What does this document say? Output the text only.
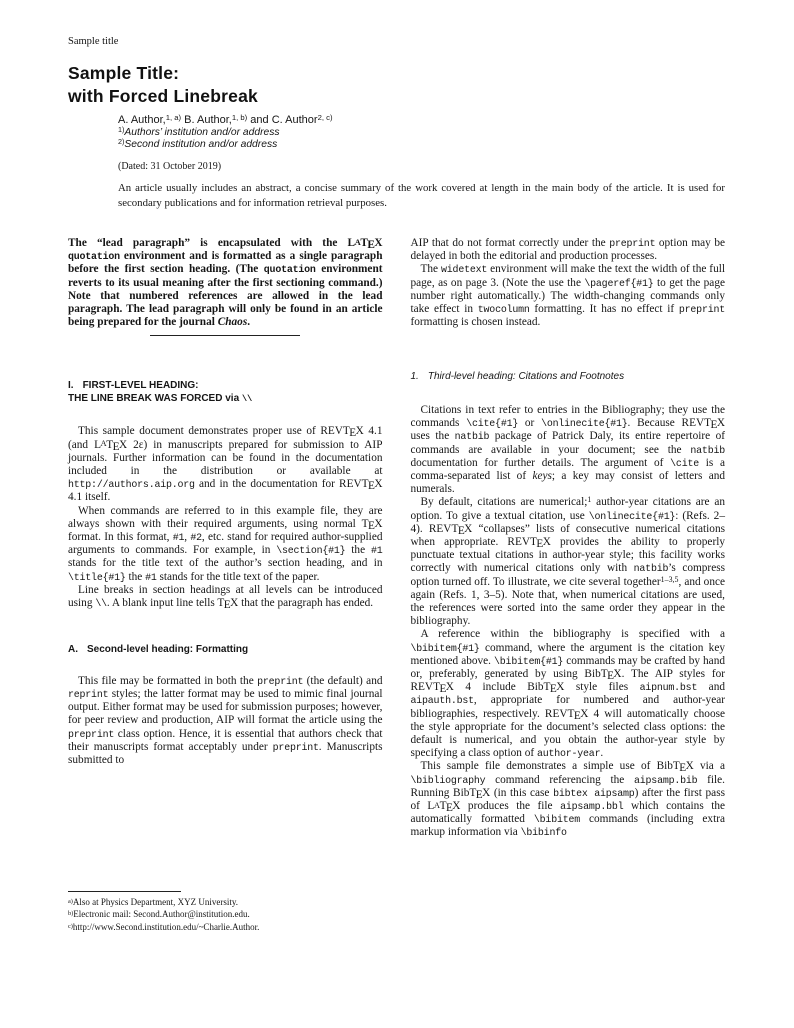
Sample title
Sample Title:
with Forced Linebreak
A. Author,$^{1, a)}$ B. Author,$^{1, b)}$ and C. Author$^{2, c)}$
$^{1)}$Authors’ institution and/or address
$^{2)}$Second institution and/or address
(Dated: 31 October 2019)
An article usually includes an abstract, a concise summary of the work covered at length in the main body of the article. It is used for secondary publications and for information retrieval purposes.

The “lead paragraph” is encapsulated with the LATEX quotation environment and is formatted as a single paragraph before the first section heading. (The quotation environment reverts to its usual meaning after the first sectioning command.) Note that numbered references are allowed in the lead paragraph. The lead paragraph will only be found in an article being prepared for the journal Chaos.

I. FIRST-LEVEL HEADING:
THE LINE BREAK WAS FORCED via \\

This sample document demonstrates proper use of REVTEX 4.1 (and LATEX 2ε) in manuscripts prepared for submission to AIP journals. Further information can be found in the documentation included in the distribution or available at http://authors.aip.org and in the documentation for REVTEX 4.1 itself.

When commands are referred to in this example file, they are always shown with their required arguments, using normal TEX format. In this format, #1, #2, etc. stand for required author-supplied arguments to commands. For example, in \section{#1} the #1 stands for the title text of the author’s section heading, and in \title{#1} the #1 stands for the title text of the paper.

Line breaks in section headings at all levels can be introduced using \\. A blank input line tells TEX that the paragraph has ended.

A. Second-level heading: Formatting

This file may be formatted in both the preprint (the default) and reprint styles; the latter format may be used to mimic final journal output. Either format may be used for submission purposes; however, for peer review and production, AIP will format the article using the preprint class option. Hence, it is essential that authors check that their manuscripts format acceptably under preprint. Manuscripts submitted to

$^{a)}$Also at Physics Department, XYZ University.
$^{b)}$Electronic mail: Second.Author@institution.edu.
$^{c)}$http://www.Second.institution.edu/~Charlie.Author.

AIP that do not format correctly under the preprint option may be delayed in both the editorial and production processes.

The widetext environment will make the text the width of the full page, as on page 3. (Note the use the \pageref{#1} to get the page number right automatically.) The width-changing commands only take effect in twocolumn formatting. It has no effect if preprint formatting is chosen instead.

1. Third-level heading: Citations and Footnotes

Citations in text refer to entries in the Bibliography; they use the commands \cite{#1} or \onlinecite{#1}. Because REVTEX uses the natbib package of Patrick Daly, its entire repertoire of commands are available in your document; see the natbib documentation for further details. The argument of \cite is a comma-separated list of keys; a key may consist of letters and numerals.

By default, citations are numerical;$^1$ author-year citations are an option. To give a textual citation, use \onlinecite{#1}: (Refs. 2–4). REVTEX “collapses” lists of consecutive numerical citations when appropriate. REVTEX provides the ability to properly punctuate textual citations in author-year style; this facility works correctly with numerical citations only with natbib’s compress option turned off. To illustrate, we cite several together$^{1-3,5}$, and once again (Refs. 1, 3–5). Note that, when numerical citations are used, the references were sorted into the same order they appear in the bibliography.

A reference within the bibliography is specified with a \bibitem{#1} command, where the argument is the citation key mentioned above. \bibitem{#1} commands may be crafted by hand or, preferably, generated by using BibTEX. The AIP styles for REVTEX 4 include BibTEX style files aipnum.bst and aipauth.bst, appropriate for numbered and author-year bibliographies, respectively. REVTEX 4 will automatically choose the style appropriate for the document’s selected class options: the default is numerical, and you obtain the author-year style by specifying a class option of author-year.

This sample file demonstrates a simple use of BibTEX via a \bibliography command referencing the aipsamp.bib file. Running BibTEX (in this case bibtex aipsamp) after the first pass of LATEX produces the file aipsamp.bbl which contains the automatically formatted \bibitem commands (including extra markup information via \bibinfo
